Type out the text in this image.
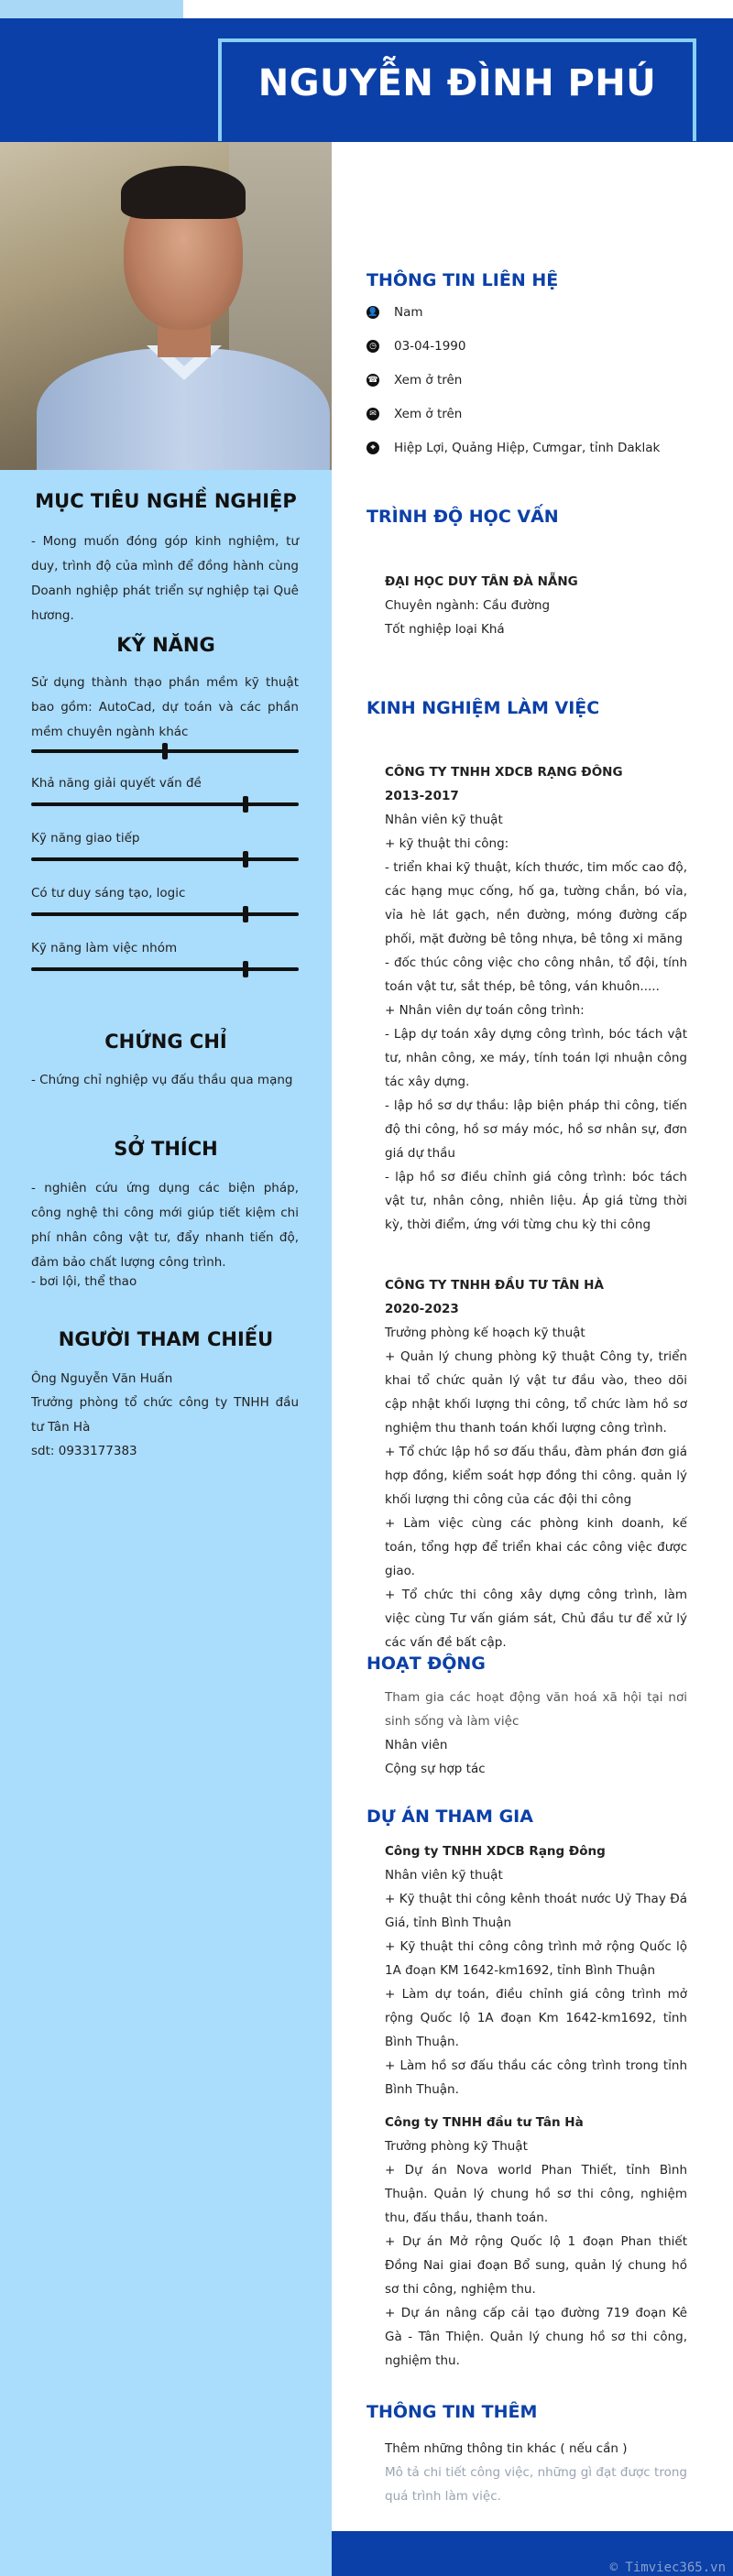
NGUYỄN ĐÌNH PHÚ
MỤC TIÊU NGHỀ NGHIỆP
- Mong muốn đóng góp kinh nghiệm, tư duy, trình độ của mình để đồng hành cùng Doanh nghiệp phát triển sự nghiệp tại Quê hương.
KỸ NĂNG
Sử dụng thành thạo phần mềm kỹ thuật bao gồm: AutoCad, dự toán và các phần mềm chuyên ngành khác
Khả năng giải quyết vấn đề
Kỹ năng giao tiếp
Có tư duy sáng tạo, logic
Kỹ năng làm việc nhóm
CHỨNG CHỈ
- Chứng chỉ nghiệp vụ đấu thầu qua mạng
SỞ THÍCH
- nghiên cứu ứng dụng các biện pháp, công nghệ thi công mới giúp tiết kiệm chi phí nhân công vật tư, đẩy nhanh tiến độ, đảm bảo chất lượng công trình.
- bơi lội, thể thao
NGƯỜI THAM CHIẾU
Ông Nguyễn Văn Huấn
Trưởng phòng tổ chức công ty TNHH đầu tư Tân Hà
sdt: 0933177383
THÔNG TIN LIÊN HỆ
👤 Nam
◷ 03-04-1990
☎ Xem ở trên
✉ Xem ở trên
⌖	Hiệp Lợi, Quảng Hiệp, Cưmgar, tỉnh Daklak
TRÌNH ĐỘ HỌC VẤN
ĐẠI HỌC DUY TÂN ĐÀ NẴNG
Chuyên ngành: Cầu đường
Tốt nghiệp loại Khá
KINH NGHIỆM LÀM VIỆC
CÔNG TY TNHH XDCB RẠNG ĐÔNG
2013-2017
Nhân viên kỹ thuật
+ kỹ thuật thi công:
- triển khai kỹ thuật, kích thước, tim mốc cao độ, các hạng mục cống, hố ga, tường chắn, bó vỉa, vỉa hè lát gạch, nền đường, móng đường cấp phối, mặt đường bê tông nhựa, bê tông xi măng
- đốc thúc công việc cho công nhân, tổ đội, tính toán vật tư, sắt thép, bê tông, ván khuôn.....
+ Nhân viên dự toán công trình:
- Lập dự toán xây dựng công trình, bóc tách vật tư, nhân công, xe máy, tính toán lợi nhuận công tác xây dựng.
- lập hồ sơ dự thầu: lập biện pháp thi công, tiến độ thi công, hồ sơ máy móc, hồ sơ nhân sự, đơn giá dự thầu
- lập hồ sơ điều chỉnh giá công trình: bóc tách vật tư, nhân công, nhiên liệu. Áp giá từng thời kỳ, thời điểm, ứng với từng chu kỳ thi công
CÔNG TY TNHH ĐẦU TƯ TÂN HÀ
2020-2023
Trưởng phòng kế hoạch kỹ thuật
+ Quản lý chung phòng kỹ thuật Công ty, triển khai tổ chức quản lý vật tư đầu vào, theo dõi cập nhật khối lượng thi công, tổ chức làm hồ sơ nghiệm thu thanh toán khối lượng công trình.
+ Tổ chức lập hồ sơ đấu thầu, đàm phán đơn giá hợp đồng, kiểm soát hợp đồng thi công. quản lý khối lượng thi công của các đội thi công
+ Làm việc cùng các phòng kinh doanh, kế toán, tổng hợp để triển khai các công việc được giao.
+ Tổ chức thi công xây dựng công trình, làm việc cùng Tư vấn giám sát, Chủ đầu tư để xử lý các vấn đề bất cập.
HOẠT ĐỘNG
Tham gia các hoạt động văn hoá xã hội tại nơi sinh sống và làm việc
Nhân viên
Cộng sự hợp tác
DỰ ÁN THAM GIA
Công ty TNHH XDCB Rạng Đông
Nhân viên kỹ thuật
+ Kỹ thuật thi công kênh thoát nước Uỷ Thay Đá Giá, tỉnh Bình Thuận
+ Kỹ thuật thi công công trình mở rộng Quốc lộ 1A đoạn KM 1642-km1692, tỉnh Bình Thuận
+ Làm dự toán, điều chỉnh giá công trình mở rộng Quốc lộ 1A đoạn Km 1642-km1692, tỉnh Bình Thuận.
+ Làm hồ sơ đấu thầu các công trình trong tỉnh Bình Thuận.
Công ty TNHH đầu tư Tân Hà
Trưởng phòng kỹ Thuật
+ Dự án Nova world Phan Thiết, tỉnh Bình Thuận. Quản lý chung hồ sơ thi công, nghiệm thu, đấu thầu, thanh toán.
+ Dự án Mở rộng Quốc lộ 1 đoạn Phan thiết Đồng Nai giai đoạn Bổ sung, quản lý chung hồ sơ thi công, nghiệm thu.
+ Dự án nâng cấp cải tạo đường 719 đoạn Kê Gà - Tân Thiện. Quản lý chung hồ sơ thi công, nghiệm thu.
THÔNG TIN THÊM
Thêm những thông tin khác ( nếu cần )
Mô tả chi tiết công việc, những gì đạt được trong quá trình làm việc.
© Timviec365.vn
